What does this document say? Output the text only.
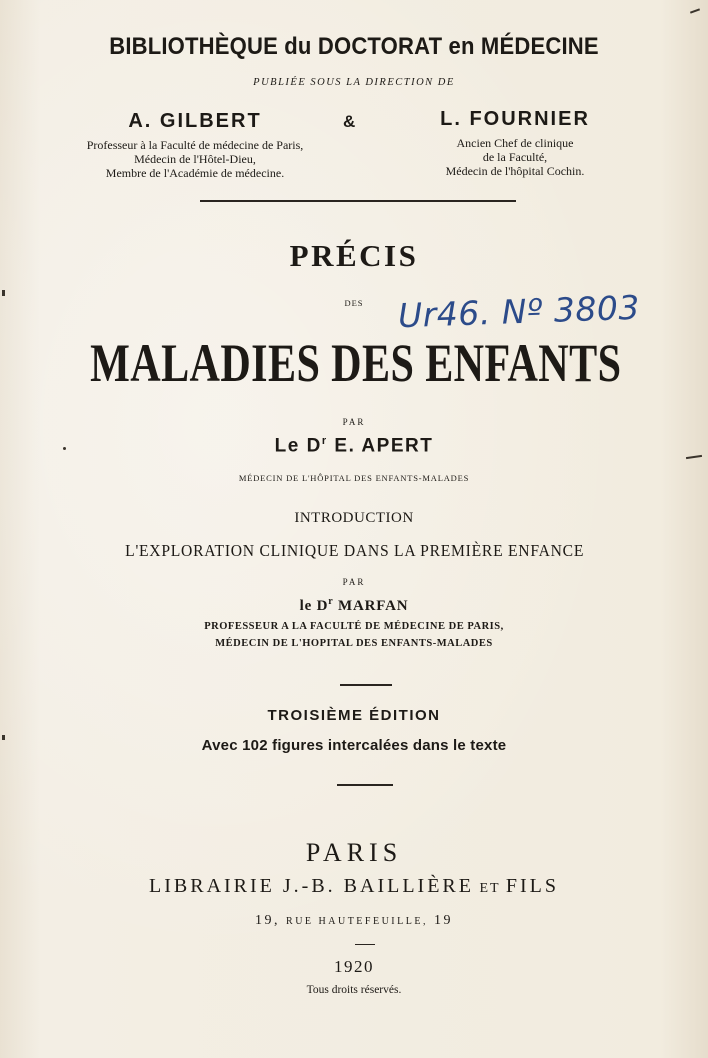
BIBLIOTHÈQUE du DOCTORAT en MÉDECINE
PUBLIÉE SOUS LA DIRECTION DE
A. GILBERT	&	L. FOURNIER
Professeur à la Faculté de médecine de Paris,
Médecin de l'Hôtel-Dieu,
Membre de l'Académie de médecine.
Ancien Chef de clinique
de la Faculté,
Médecin de l'hôpital Cochin.
PRÉCIS
DES	Ur46. Nº 3803
MALADIES DES ENFANTS
PAR
Le $D^r$ E. APERT
MÉDECIN DE L'HÔPITAL DES ENFANTS-MALADES
INTRODUCTION
L'EXPLORATION CLINIQUE DANS LA PREMIÈRE ENFANCE
PAR
le $D^r$ MARFAN
PROFESSEUR A LA FACULTÉ DE MÉDECINE DE PARIS,
MÉDECIN DE L'HOPITAL DES ENFANTS-MALADES
TROISIÈME ÉDITION
Avec 102 figures intercalées dans le texte
PARIS
LIBRAIRIE J.-B. BAILLIÈRE ET FILS
19, RUE HAUTEFEUILLE, 19
1920
Tous droits réservés.
